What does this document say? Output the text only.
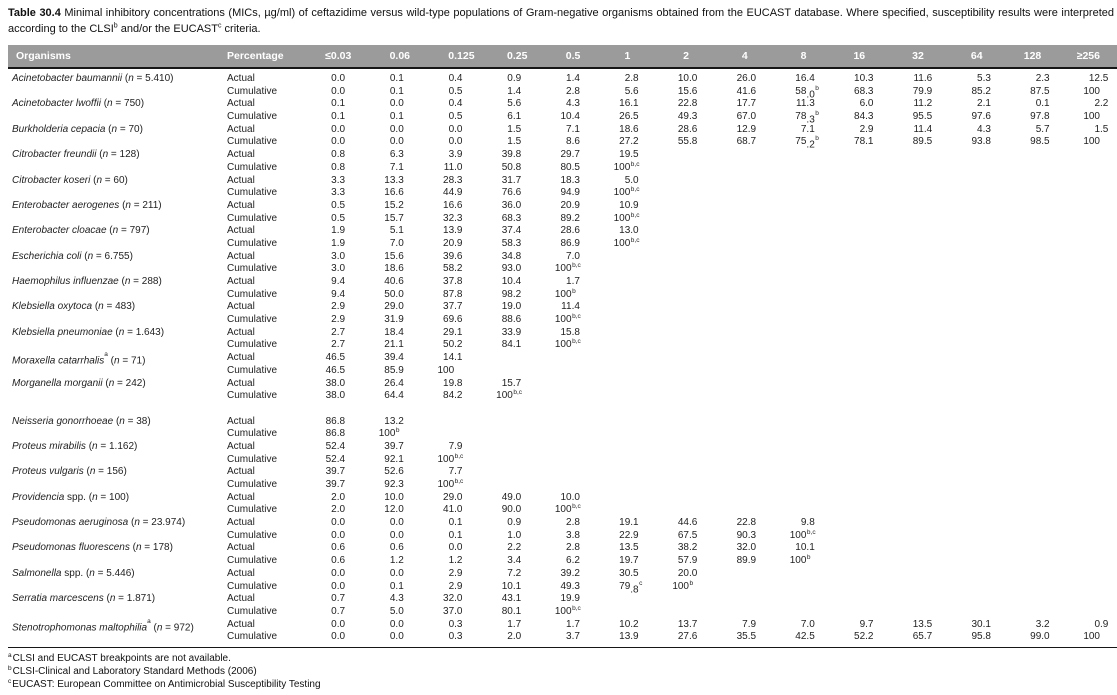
Table 30.4 Minimal inhibitory concentrations (MICs, µg/ml) of ceftazidime versus wild-type populations of Gram-negative organisms obtained from the EUCAST database. Where specified, susceptibility results were interpreted according to the CLSI$^b$ and/or the EUCAST$^c$ criteria.

Organisms	Percentage	≤0 .03	0 .06	0 .125	0 .25	0 .5	1	2	4	8	16	32	64	128	≥256
Acinetobacter baumannii (n = 5.410)	Actual	0 .0	0 .1	0 .4	0 .9	1 .4	2 .8	10 .0	26 .0	16 .4	10 .3	11 .6	5 .3	2 .3	12 .5
Cumulative	0 .0	0 .1	0 .5	1 .4	2 .8	5 .6	15 .6	41 .6	58 .0$^b$	68 .3	79 .9	85 .2	87 .5	100
Acinetobacter lwoffii (n = 750)	Actual	0 .1	0 .0	0 .4	5 .6	4 .3	16 .1	22 .8	17 .7	11 .3	6 .0	11 .2	2 .1	0 .1	2 .2
Cumulative	0 .1	0 .1	0 .5	6 .1	10 .4	26 .5	49 .3	67 .0	78 .3$^b$	84 .3	95 .5	97 .6	97 .8	100
Burkholderia cepacia (n = 70)	Actual	0 .0	0 .0	0 .0	1 .5	7 .1	18 .6	28 .6	12 .9	7 .1	2 .9	11 .4	4 .3	5 .7	1 .5
Cumulative	0 .0	0 .0	0 .0	1 .5	8 .6	27 .2	55 .8	68 .7	75 .2$^b$	78 .1	89 .5	93 .8	98 .5	100
Citrobacter freundii (n = 128)	Actual	0 .8	6 .3	3 .9	39 .8	29 .7	19 .5
Cumulative	0 .8	7 .1	11 .0	50 .8	80 .5	100 $^{b,c}$
Citrobacter koseri (n = 60)	Actual	3 .3	13 .3	28 .3	31 .7	18 .3	5 .0
Cumulative	3 .3	16 .6	44 .9	76 .6	94 .9	100 $^{b,c}$
Enterobacter aerogenes (n = 211)	Actual	0 .5	15 .2	16 .6	36 .0	20 .9	10 .9
Cumulative	0 .5	15 .7	32 .3	68 .3	89 .2	100 $^{b,c}$
Enterobacter cloacae (n = 797)	Actual	1 .9	5 .1	13 .9	37 .4	28 .6	13 .0
Cumulative	1 .9	7 .0	20 .9	58 .3	86 .9	100 $^{b,c}$
Escherichia coli (n = 6.755)	Actual	3 .0	15 .6	39 .6	34 .8	7 .0
Cumulative	3 .0	18 .6	58 .2	93 .0	100 $^{b,c}$
Haemophilus influenzae (n = 288)	Actual	9 .4	40 .6	37 .8	10 .4	1 .7
Cumulative	9 .4	50 .0	87 .8	98 .2	100 $^b$
Klebsiella oxytoca (n = 483)	Actual	2 .9	29 .0	37 .7	19 .0	11 .4
Cumulative	2 .9	31 .9	69 .6	88 .6	100 $^{b,c}$
Klebsiella pneumoniae (n = 1.643)	Actual	2 .7	18 .4	29 .1	33 .9	15 .8
Cumulative	2 .7	21 .1	50 .2	84 .1	100 $^{b,c}$
Moraxella catarrhalis$^a$ (n = 71)	Actual	46 .5	39 .4	14 .1
Cumulative	46 .5	85 .9	100
Morganella morganii (n = 242)	Actual	38 .0	26 .4	19 .8	15 .7
Cumulative	38 .0	64 .4	84 .2	100 $^{b,c}$
Neisseria gonorrhoeae (n = 38)	Actual	86 .8	13 .2
Cumulative	86 .8	100 $^b$
Proteus mirabilis (n = 1.162)	Actual	52 .4	39 .7	7 .9
Cumulative	52 .4	92 .1	100 $^{b,c}$
Proteus vulgaris (n = 156)	Actual	39 .7	52 .6	7 .7
Cumulative	39 .7	92 .3	100 $^{b,c}$
Providencia spp. (n = 100)	Actual	2 .0	10 .0	29 .0	49 .0	10 .0
Cumulative	2 .0	12 .0	41 .0	90 .0	100 $^{b,c}$
Pseudomonas aeruginosa (n = 23.974)	Actual	0 .0	0 .0	0 .1	0 .9	2 .8	19 .1	44 .6	22 .8	9 .8
Cumulative	0 .0	0 .0	0 .1	1 .0	3 .8	22 .9	67 .5	90 .3	100 $^{b,c}$
Pseudomonas fluorescens (n = 178)	Actual	0 .6	0 .6	0 .0	2 .2	2 .8	13 .5	38 .2	32 .0	10 .1
Cumulative	0 .6	1 .2	1 .2	3 .4	6 .2	19 .7	57 .9	89 .9	100 $^b$
Salmonella spp. (n = 5.446)	Actual	0 .0	0 .0	2 .9	7 .2	39 .2	30 .5	20 .0
Cumulative	0 .0	0 .1	2 .9	10 .1	49 .3	79 .8$^c$	100 $^b$
Serratia marcescens (n = 1.871)	Actual	0 .7	4 .3	32 .0	43 .1	19 .9
Cumulative	0 .7	5 .0	37 .0	80 .1	100 $^{b,c}$
Stenotrophomonas maltophilia$^a$ (n = 972)	Actual	0 .0	0 .0	0 .3	1 .7	1 .7	10 .2	13 .7	7 .9	7 .0	9 .7	13 .5	30 .1	3 .2	0 .9
Cumulative	0 .0	0 .0	0 .3	2 .0	3 .7	13 .9	27 .6	35 .5	42 .5	52 .2	65 .7	95 .8	99 .0	100
$^a$CLSI and EUCAST breakpoints are not available.
$^b$CLSI-Clinical and Laboratory Standard Methods (2006)
$^c$EUCAST: European Committee on Antimicrobial Susceptibility Testing
